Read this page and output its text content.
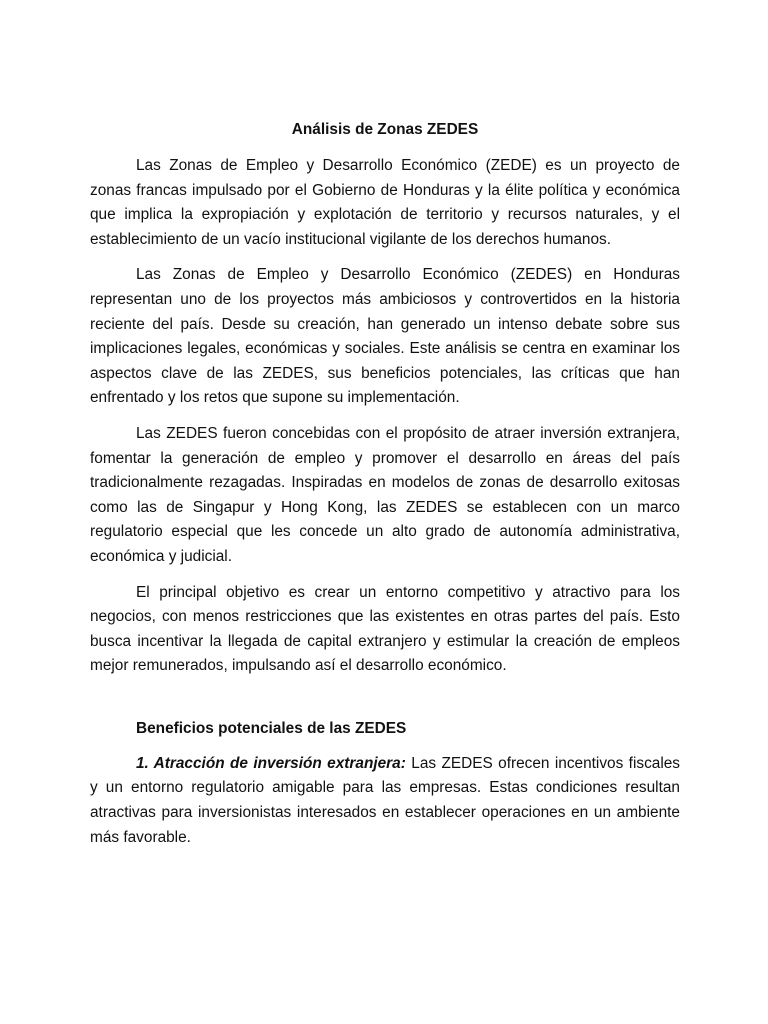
Análisis de Zonas ZEDES

Las Zonas de Empleo y Desarrollo Económico (ZEDE) es un proyecto de zonas francas impulsado por el Gobierno de Honduras y la élite política y económica que implica la expropiación y explotación de territorio y recursos naturales, y el establecimiento de un vacío institucional vigilante de los derechos humanos.

Las Zonas de Empleo y Desarrollo Económico (ZEDES) en Honduras representan uno de los proyectos más ambiciosos y controvertidos en la historia reciente del país. Desde su creación, han generado un intenso debate sobre sus implicaciones legales, económicas y sociales. Este análisis se centra en examinar los aspectos clave de las ZEDES, sus beneficios potenciales, las críticas que han enfrentado y los retos que supone su implementación.

Las ZEDES fueron concebidas con el propósito de atraer inversión extranjera, fomentar la generación de empleo y promover el desarrollo en áreas del país tradicionalmente rezagadas. Inspiradas en modelos de zonas de desarrollo exitosas como las de Singapur y Hong Kong, las ZEDES se establecen con un marco regulatorio especial que les concede un alto grado de autonomía administrativa, económica y judicial.

El principal objetivo es crear un entorno competitivo y atractivo para los negocios, con menos restricciones que las existentes en otras partes del país. Esto busca incentivar la llegada de capital extranjero y estimular la creación de empleos mejor remunerados, impulsando así el desarrollo económico.

Beneficios potenciales de las ZEDES

1. Atracción de inversión extranjera: Las ZEDES ofrecen incentivos fiscales y un entorno regulatorio amigable para las empresas. Estas condiciones resultan atractivas para inversionistas interesados en establecer operaciones en un ambiente más favorable.
